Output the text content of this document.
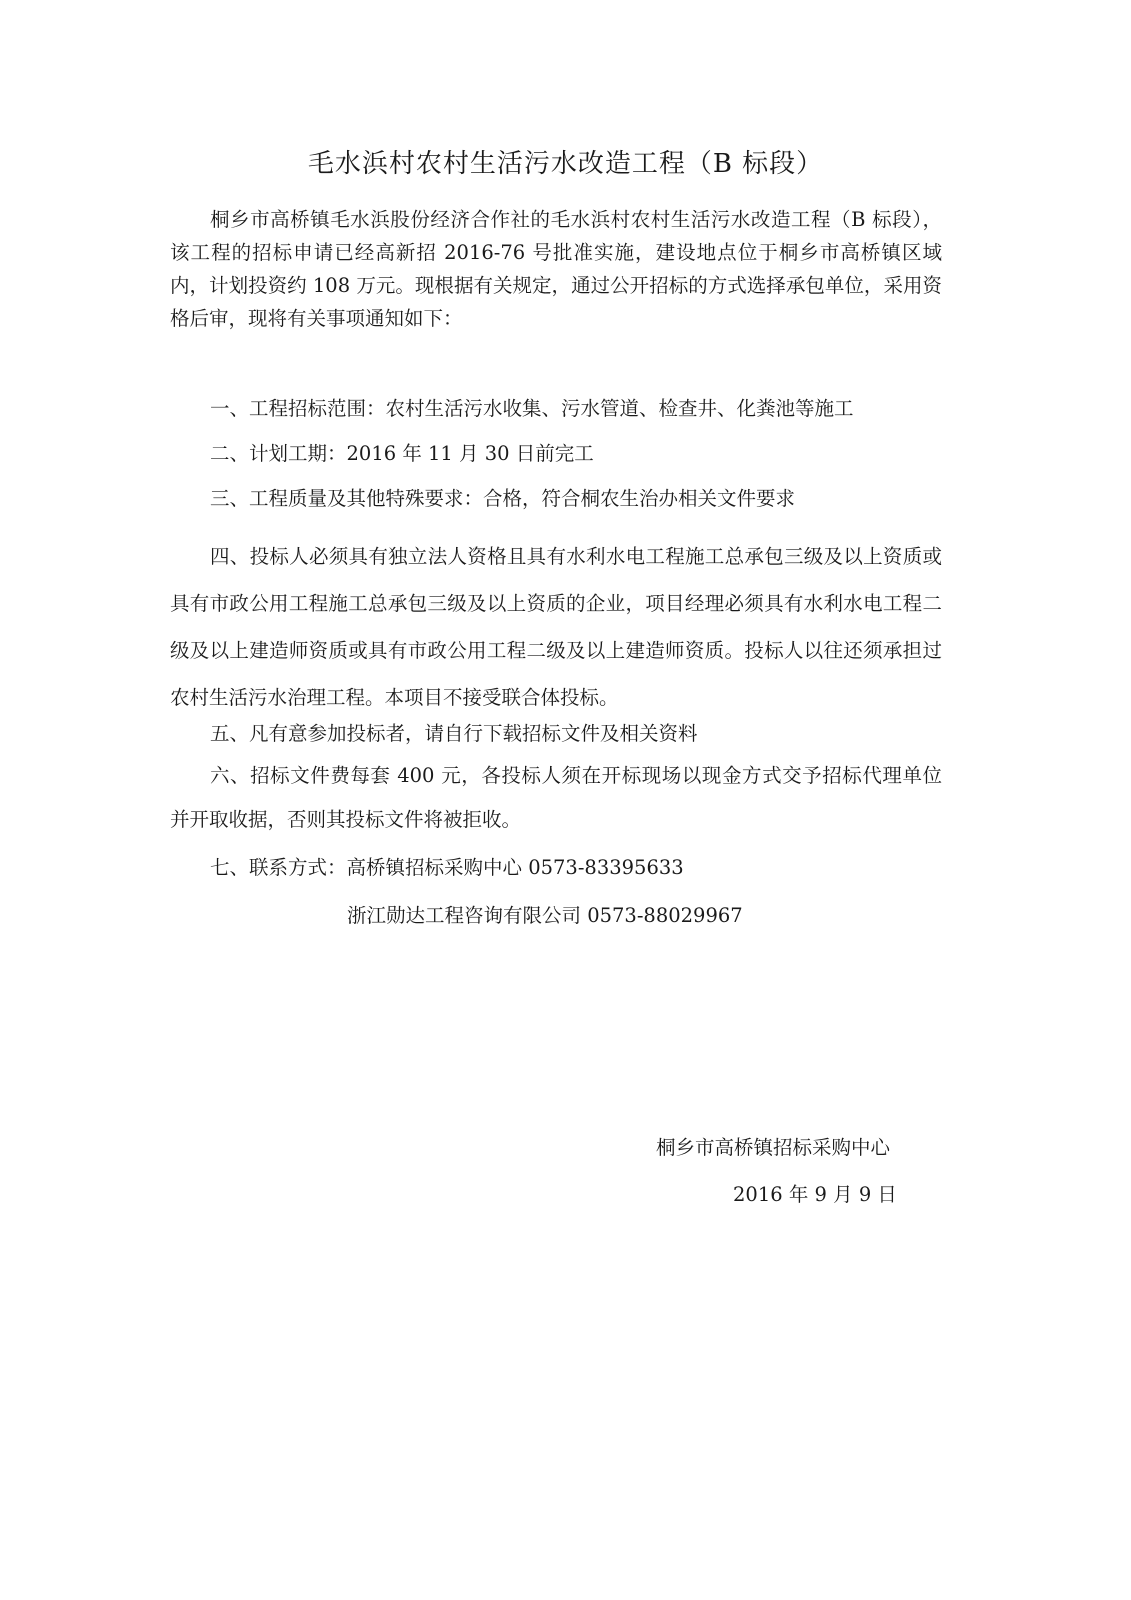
毛水浜村农村生活污水改造工程（B 标段）

桐乡市高桥镇毛水浜股份经济合作社的毛水浜村农村生活污水改造工程（B 标段），该工程的招标申请已经高新招 2016-76 号批准实施，建设地点位于桐乡市高桥镇区域内，计划投资约 108 万元。现根据有关规定，通过公开招标的方式选择承包单位，采用资格后审，现将有关事项通知如下：

一、工程招标范围：农村生活污水收集、污水管道、检查井、化粪池等施工

二、计划工期：2016 年 11 月 30 日前完工

三、工程质量及其他特殊要求：合格，符合桐农生治办相关文件要求

四、投标人必须具有独立法人资格且具有水利水电工程施工总承包三级及以上资质或具有市政公用工程施工总承包三级及以上资质的企业，项目经理必须具有水利水电工程二级及以上建造师资质或具有市政公用工程二级及以上建造师资质。投标人以往还须承担过农村生活污水治理工程。本项目不接受联合体投标。

五、凡有意参加投标者，请自行下载招标文件及相关资料

六、招标文件费每套 400 元，各投标人须在开标现场以现金方式交予招标代理单位并开取收据，否则其投标文件将被拒收。

七、联系方式：高桥镇招标采购中心 0573-83395633

浙江勋达工程咨询有限公司 0573-88029967

桐乡市高桥镇招标采购中心

2016 年 9 月 9 日
